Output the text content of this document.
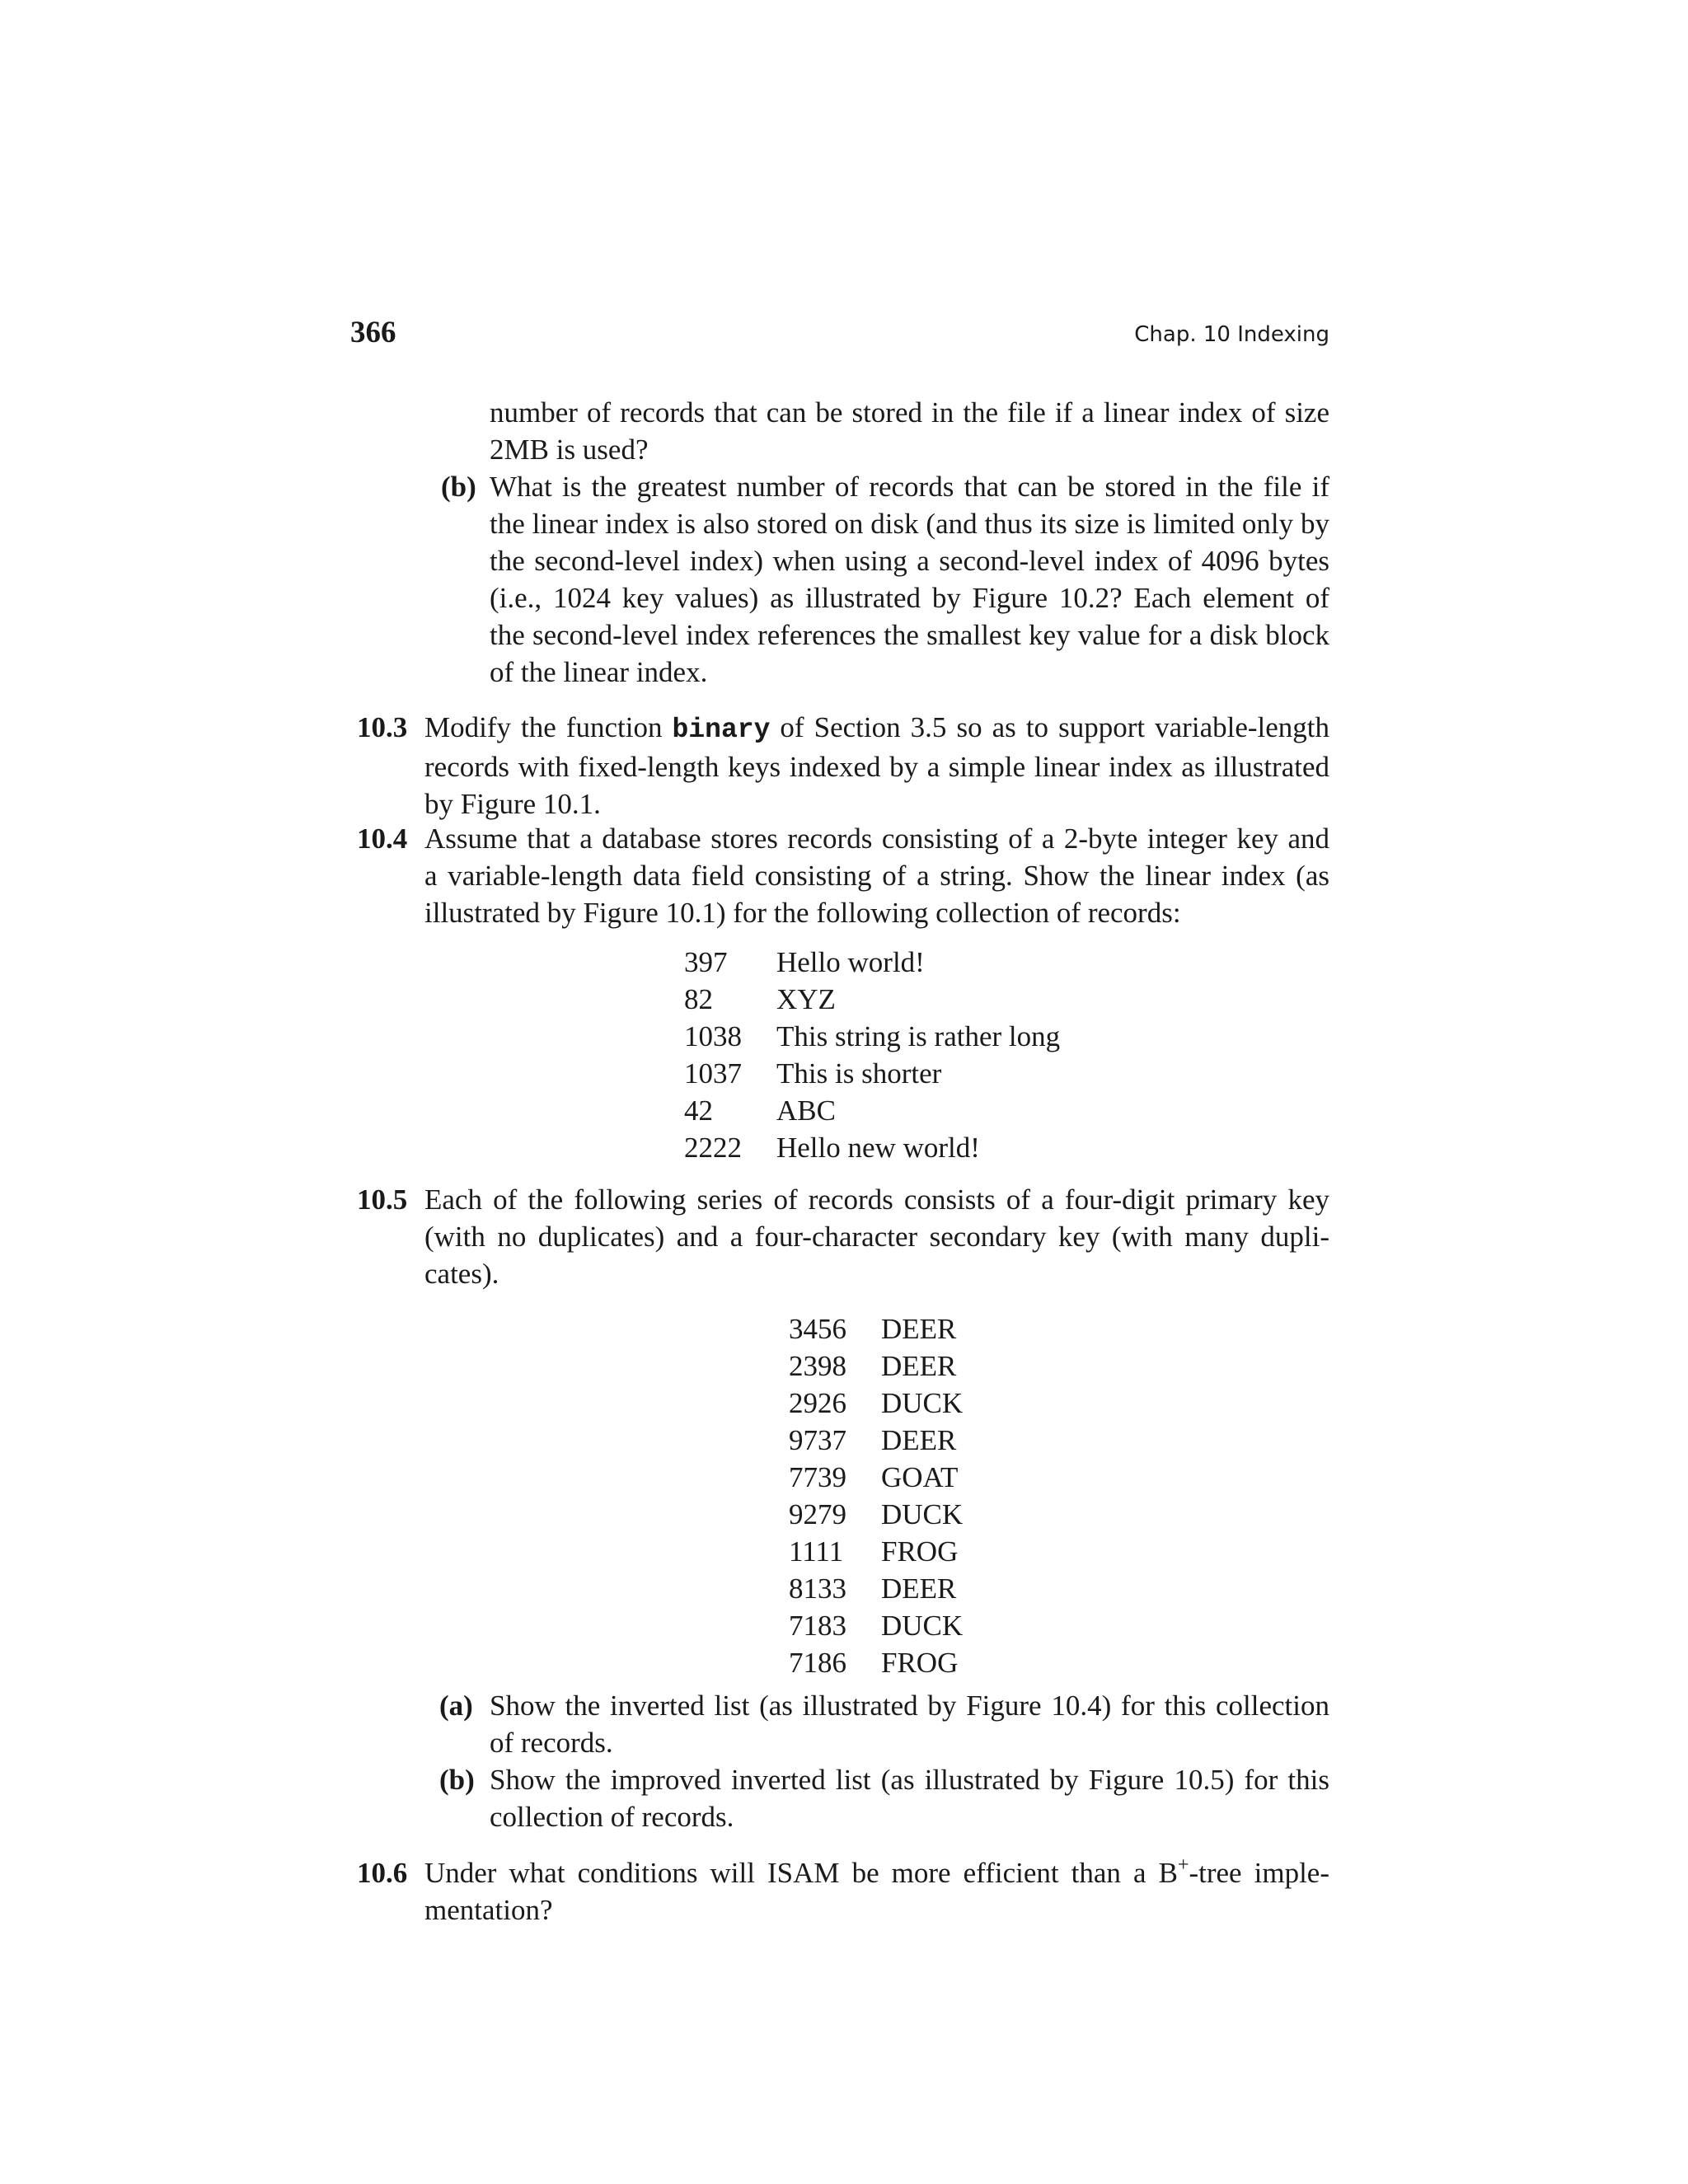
366	Chap. 10 Indexing
number of records that can be stored in the file if a linear index of size
2MB is used?
(b) What is the greatest number of records that can be stored in the file if
the linear index is also stored on disk (and thus its size is limited only by
the second-level index) when using a second-level index of 4096 bytes
(i.e., 1024 key values) as illustrated by Figure 10.2? Each element of
the second-level index references the smallest key value for a disk block
of the linear index.
10.3 Modify the function binary of Section 3.5 so as to support variable-length
records with fixed-length keys indexed by a simple linear index as illustrated
by Figure 10.1.
10.4 Assume that a database stores records consisting of a 2-byte integer key and
a variable-length data field consisting of a string. Show the linear index (as
illustrated by Figure 10.1) for the following collection of records:
397	Hello world!
82	XYZ
1038	This string is rather long
1037	This is shorter
42	ABC
2222	Hello new world!
10.5 Each of the following series of records consists of a four-digit primary key
(with no duplicates) and a four-character secondary key (with many dupli-
cates).
3456	DEER
2398	DEER
2926	DUCK
9737	DEER
7739	GOAT
9279	DUCK
1111	FROG
8133	DEER
7183	DUCK
7186	FROG
(a) Show the inverted list (as illustrated by Figure 10.4) for this collection
of records.
(b) Show the improved inverted list (as illustrated by Figure 10.5) for this
collection of records.
10.6 Under what conditions will ISAM be more efficient than a B+-tree imple-
mentation?
